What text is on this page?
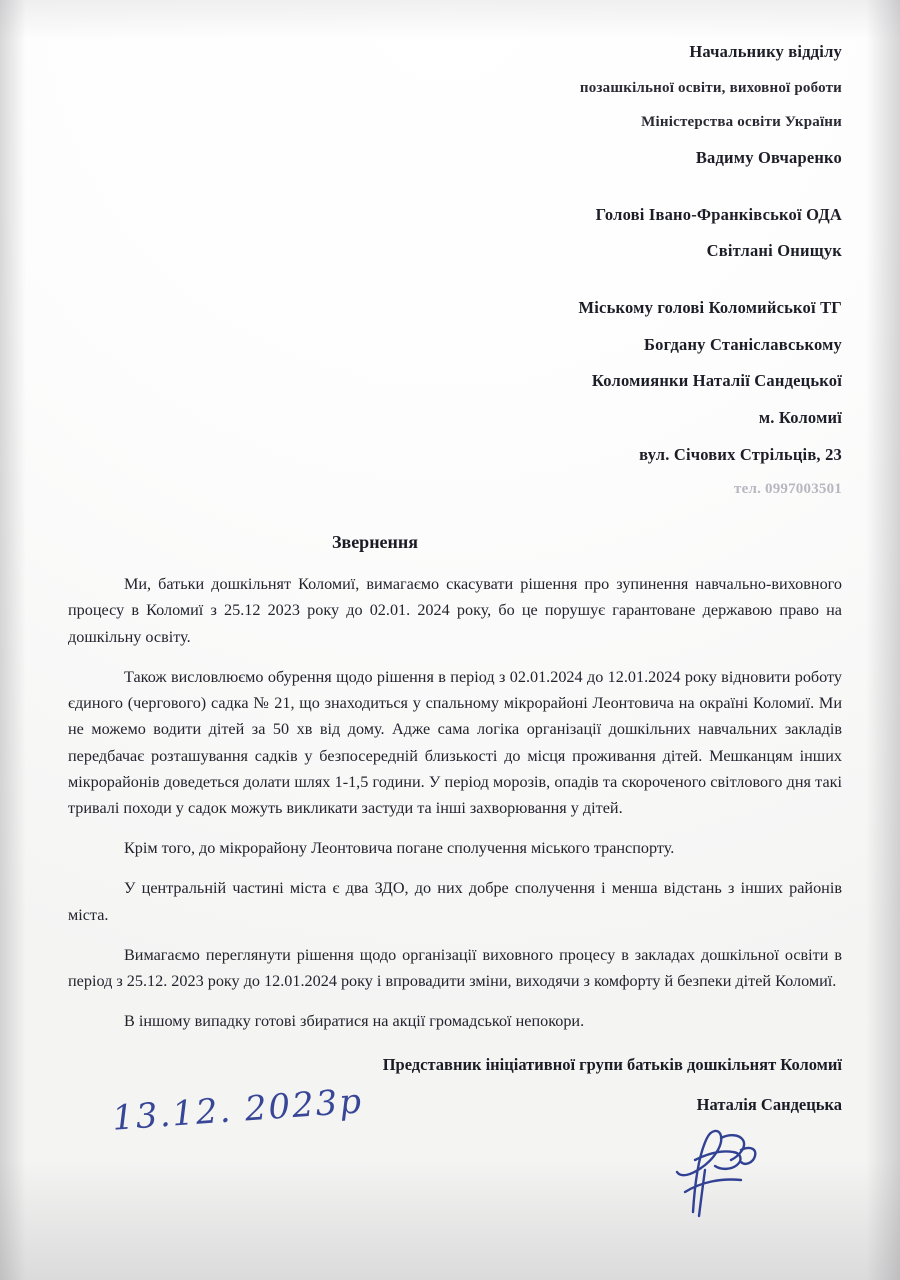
Начальнику відділу

позашкільної освіти, виховної роботи

Міністерства освіти України

Вадиму Овчаренко

Голові Івано-Франківської ОДА

Світлані Онищук

Міському голові Коломийської ТГ

Богдану Станіславському

Коломиянки Наталії Сандецької

м. Коломиї

вул. Січових Стрільців, 23

тел. 0997003501

Звернення

Ми, батьки дошкільнят Коломиї, вимагаємо скасувати рішення про зупинення навчально-виховного процесу в Коломиї з 25.12 2023 року до 02.01. 2024 року, бо це порушує гарантоване державою право на дошкільну освіту.

Також висловлюємо обурення щодо рішення в період з 02.01.2024 до 12.01.2024 року відновити роботу єдиного (чергового) садка № 21, що знаходиться у спальному мікрорайоні Леонтовича на окраїні Коломиї. Ми не можемо водити дітей за 50 хв від дому. Адже сама логіка організації дошкільних навчальних закладів передбачає розташування садків у безпосередній близькості до місця проживання дітей. Мешканцям інших мікрорайонів доведеться долати шлях 1-1,5 години. У період морозів, опадів та скороченого світлового дня такі тривалі походи у садок можуть викликати застуди та інші захворювання у дітей.

Крім того, до мікрорайону Леонтовича погане сполучення міського транспорту.

У центральній частині міста є два ЗДО, до них добре сполучення і менша відстань з інших районів міста.

Вимагаємо переглянути рішення щодо організації виховного процесу в закладах дошкільної освіти в період з 25.12. 2023 року до 12.01.2024 року і впровадити зміни, виходячи з комфорту й безпеки дітей Коломиї.

В іншому випадку готові збиратися на акції громадської непокори.

Представник ініціативної групи батьків дошкільнят Коломиї
Наталія Сандецька
13.12. 2023р
